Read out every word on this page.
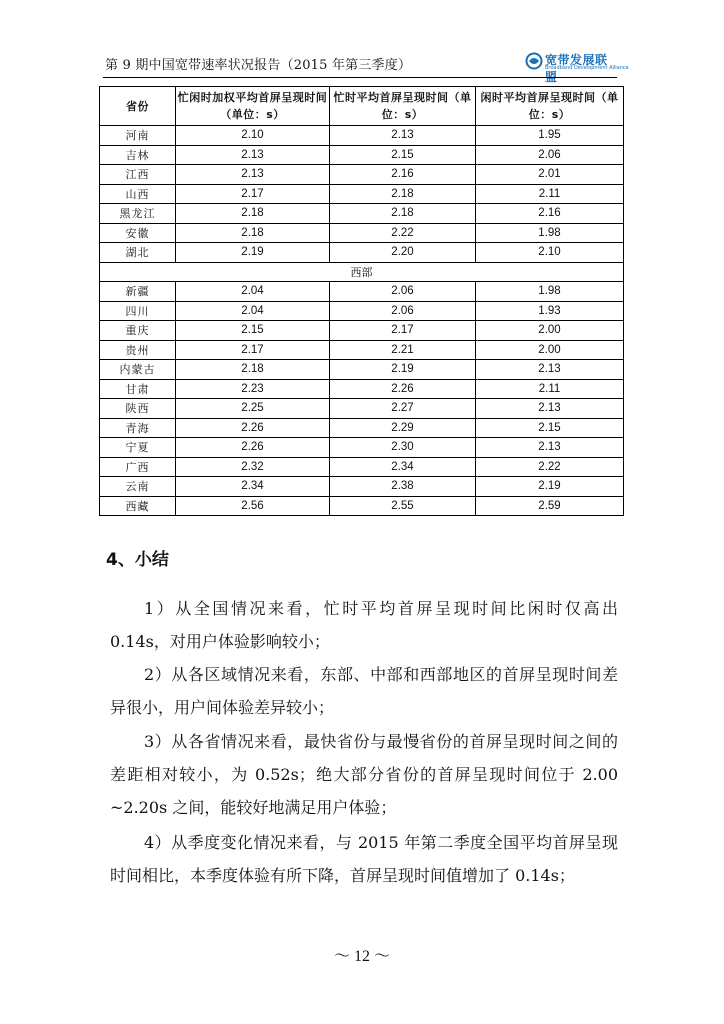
第 9 期中国宽带速率状况报告（2015 年第三季度）	宽带发展联盟
Broadband Development Alliance
省份	忙闲时加权平均首屏呈现时间（单位：s）	忙时平均首屏呈现时间（单位：s）	闲时平均首屏呈现时间（单位：s）
河南	2.10	2.13	1.95
吉林	2.13	2.15	2.06
江西	2.13	2.16	2.01
山西	2.17	2.18	2.11
黑龙江	2.18	2.18	2.16
安徽	2.18	2.22	1.98
湖北	2.19	2.20	2.10
西部			
新疆	2.04	2.06	1.98
四川	2.04	2.06	1.93
重庆	2.15	2.17	2.00
贵州	2.17	2.21	2.00
内蒙古	2.18	2.19	2.13
甘肃	2.23	2.26	2.11
陕西	2.25	2.27	2.13
青海	2.26	2.29	2.15
宁夏	2.26	2.30	2.13
广西	2.32	2.34	2.22
云南	2.34	2.38	2.19
西藏	2.56	2.55	2.59
4、小结

1）从全国情况来看，忙时平均首屏呈现时间比闲时仅高出 0.14s，对用户体验影响较小；

2）从各区域情况来看，东部、中部和西部地区的首屏呈现时间差异很小，用户间体验差异较小；

3）从各省情况来看，最快省份与最慢省份的首屏呈现时间之间的差距相对较小，为 0.52s；绝大部分省份的首屏呈现时间位于 2.00 ~2.20s 之间，能较好地满足用户体验；

4）从季度变化情况来看，与 2015 年第二季度全国平均首屏呈现时间相比，本季度体验有所下降，首屏呈现时间值增加了 0.14s；

～ 12 ～
